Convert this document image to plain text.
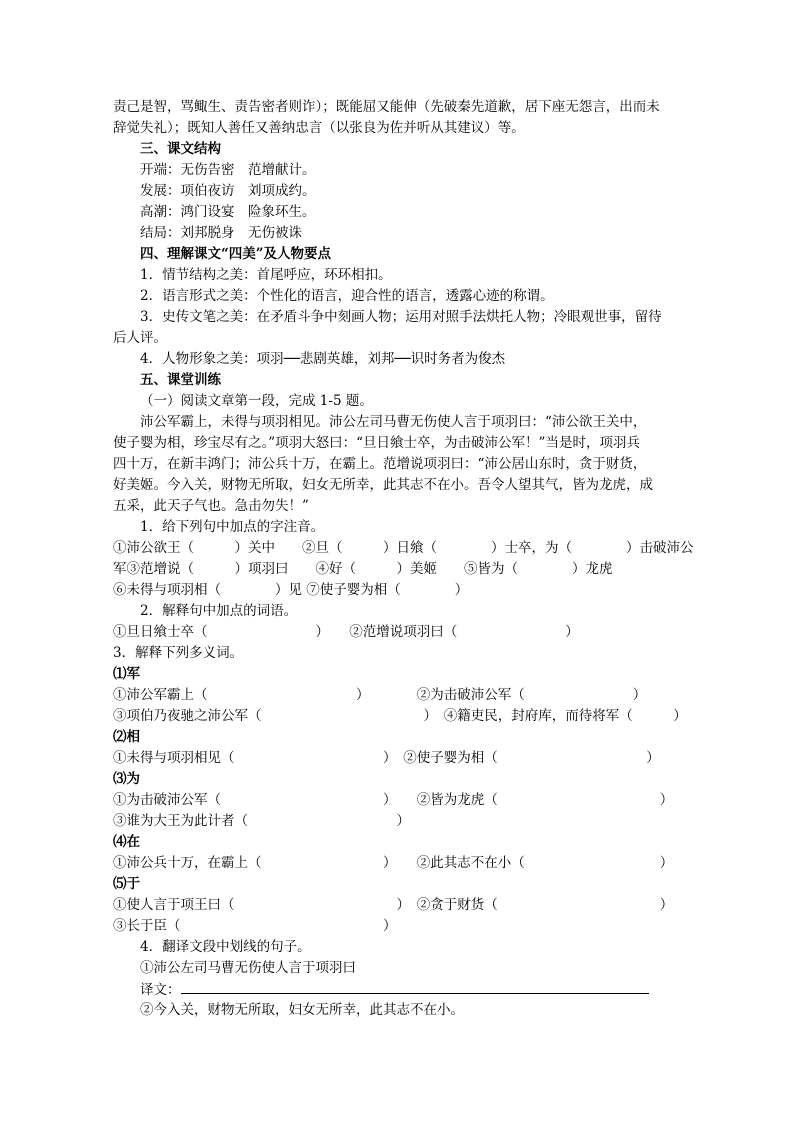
责己是智，骂鲰生、责告密者则诈）；既能屈又能伸（先破秦先道歉，居下座无怨言，出而未
辞觉失礼）；既知人善任又善纳忠言（以张良为佐并听从其建议）等。
三、课文结构
开端：无伤告密　范增献计。
发展：项伯夜访　刘项成约。
高潮：鸿门设宴　险象环生。
结局：刘邦脱身　无伤被诛
四、理解课文“四美”及人物要点
1．情节结构之美：首尾呼应，环环相扣。
2．语言形式之美：个性化的语言，迎合性的语言，透露心迹的称谓。
3．史传文笔之美：在矛盾斗争中刻画人物；运用对照手法烘托人物；冷眼观世事，留待
后人评。
4．人物形象之美：项羽──悲剧英雄，刘邦──识时务者为俊杰
五、课堂训练
（一）阅读文章第一段，完成 1-5 题。
沛公军霸上，未得与项羽相见。沛公左司马曹无伤使人言于项羽曰：“沛公欲王关中，
使子婴为相，珍宝尽有之。”项羽大怒曰：“旦日飨士卒，为击破沛公军！”当是时，项羽兵
四十万，在新丰鸿门；沛公兵十万，在霸上。范增说项羽曰：“沛公居山东时，贪于财货，
好美姬。今入关，财物无所取，妇女无所幸，此其志不在小。吾令人望其气，皆为龙虎，成
五采，此天子气也。急击勿失！”
1．给下列句中加点的字注音。
①沛公欲王（　　　）关中　　②旦（　　　）日飨（　　　　）士卒，为（　　　　）击破沛公
军③范增说（　　　）项羽曰　　④好（　　　）美姬　　⑤皆为（　　　　）龙虎
⑥未得与项羽相（　　　　）见 ⑦使子婴为相（　　　　）
2．解释句中加点的词语。
①旦日飨士卒（　　　　　　　　）　　②范增说项羽曰（　　　　　　　　）
3．解释下列多义词。
⑴军
①沛公军霸上（　　　　　　　　　　　）　　　　②为击破沛公军（　　　　　　　　）
③项伯乃夜驰之沛公军（　　　　　　　　　　　　）　④籍吏民，封府库，而待将军（　　　）
⑵相
①未得与项羽相见（　　　　　　　　　　　）　②使子婴为相（　　　　　　　　　　　）
⑶为
①为击破沛公军（　　　　　　　　　　　　）　　②皆为龙虎（　　　　　　　　　　　　）
③谁为大王为此计者（　　　　　　　　　　　）
⑷在
①沛公兵十万，在霸上（　　　　　　　　　）　　②此其志不在小（　　　　　　　　　　）
⑸于
①使人言于项王曰（　　　　　　　　　　　　）　②贪于财货（　　　　　　　　　　　　）
③长于臣（　　　　　　　　　　　　　　　）
4．翻译文段中划线的句子。
①沛公左司马曹无伤使人言于项羽曰
译文：
②今入关，财物无所取，妇女无所幸，此其志不在小。
